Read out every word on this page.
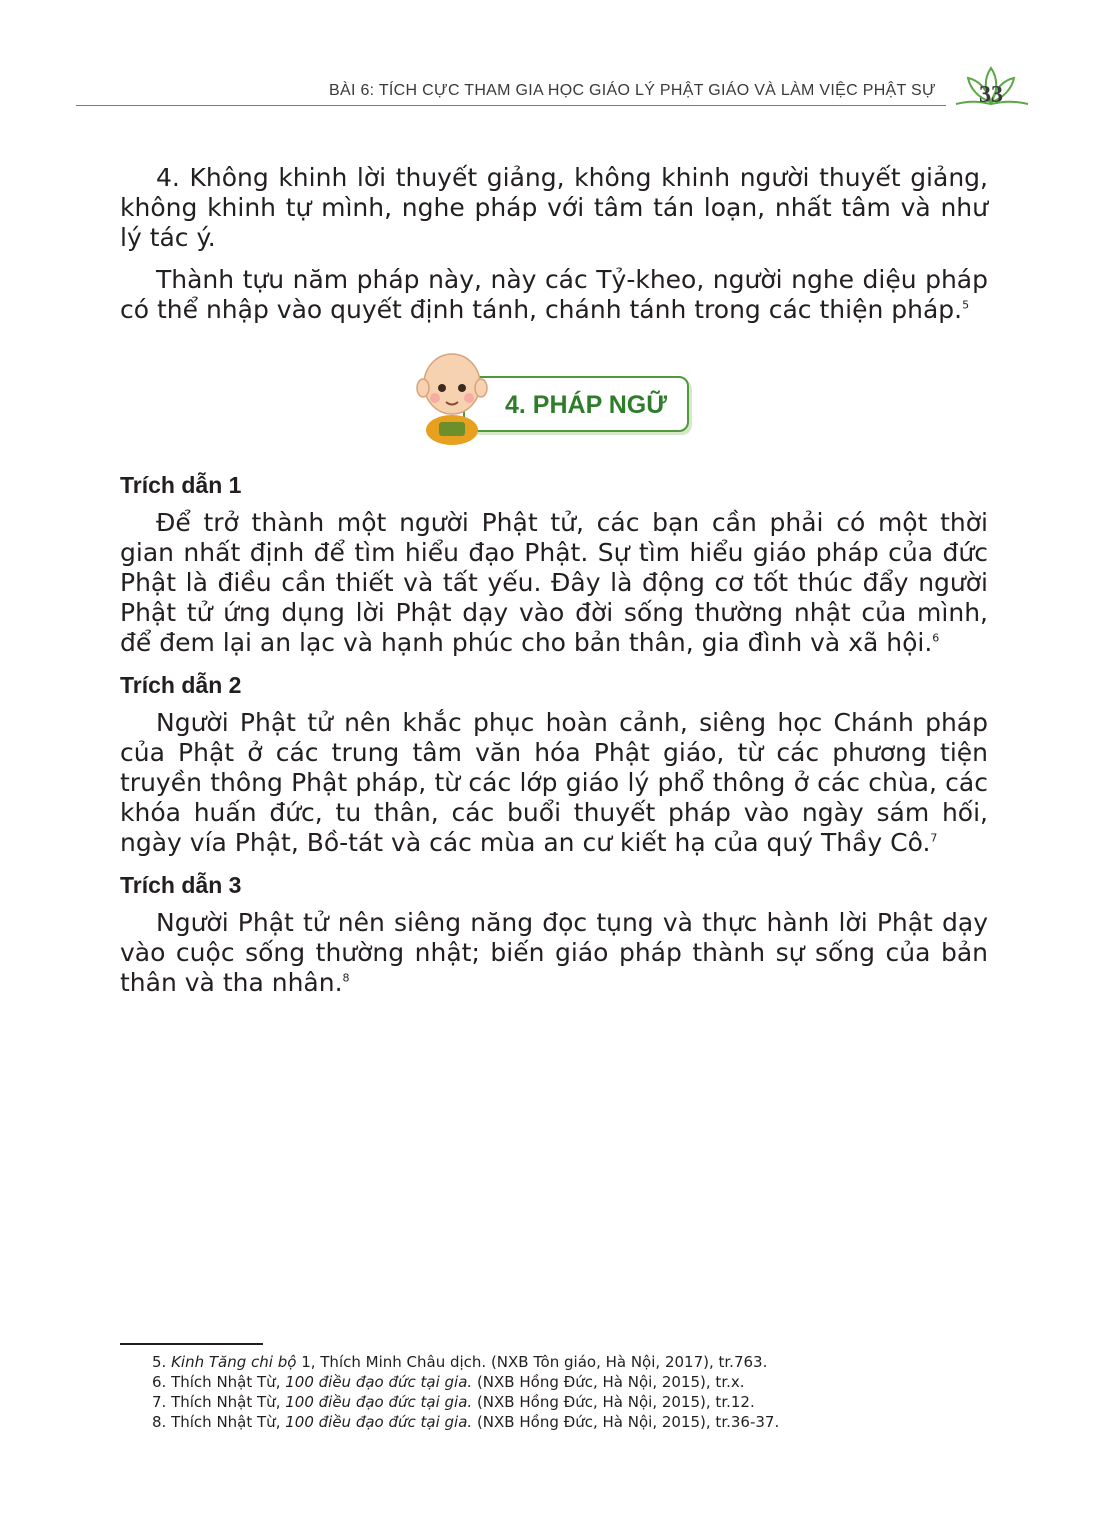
BÀI 6: TÍCH CỰC THAM GIA HỌC GIÁO LÝ PHẬT GIÁO VÀ LÀM VIỆC PHẬT SỰ	33

4. Không khinh lời thuyết giảng, không khinh người thuyết giảng, không khinh tự mình, nghe pháp với tâm tán loạn, nhất tâm và như lý tác ý.

Thành tựu năm pháp này, này các Tỷ-kheo, người nghe diệu pháp có thể nhập vào quyết định tánh, chánh tánh trong các thiện pháp.$^5$

4. PHÁP NGỮ
Trích dẫn 1

Để trở thành một người Phật tử, các bạn cần phải có một thời gian nhất định để tìm hiểu đạo Phật. Sự tìm hiểu giáo pháp của đức Phật là điều cần thiết và tất yếu. Đây là động cơ tốt thúc đẩy người Phật tử ứng dụng lời Phật dạy vào đời sống thường nhật của mình, để đem lại an lạc và hạnh phúc cho bản thân, gia đình và xã hội.$^6$

Trích dẫn 2

Người Phật tử nên khắc phục hoàn cảnh, siêng học Chánh pháp của Phật ở các trung tâm văn hóa Phật giáo, từ các phương tiện truyền thông Phật pháp, từ các lớp giáo lý phổ thông ở các chùa, các khóa huấn đức, tu thân, các buổi thuyết pháp vào ngày sám hối, ngày vía Phật, Bồ-tát và các mùa an cư kiết hạ của quý Thầy Cô.$^7$

Trích dẫn 3

Người Phật tử nên siêng năng đọc tụng và thực hành lời Phật dạy vào cuộc sống thường nhật; biến giáo pháp thành sự sống của bản thân và tha nhân.$^8$

5. Kinh Tăng chi bộ 1, Thích Minh Châu dịch. (NXB Tôn giáo, Hà Nội, 2017), tr.763.
6. Thích Nhật Từ, 100 điều đạo đức tại gia. (NXB Hồng Đức, Hà Nội, 2015), tr.x.
7. Thích Nhật Từ, 100 điều đạo đức tại gia. (NXB Hồng Đức, Hà Nội, 2015), tr.12.
8. Thích Nhật Từ, 100 điều đạo đức tại gia. (NXB Hồng Đức, Hà Nội, 2015), tr.36-37.
